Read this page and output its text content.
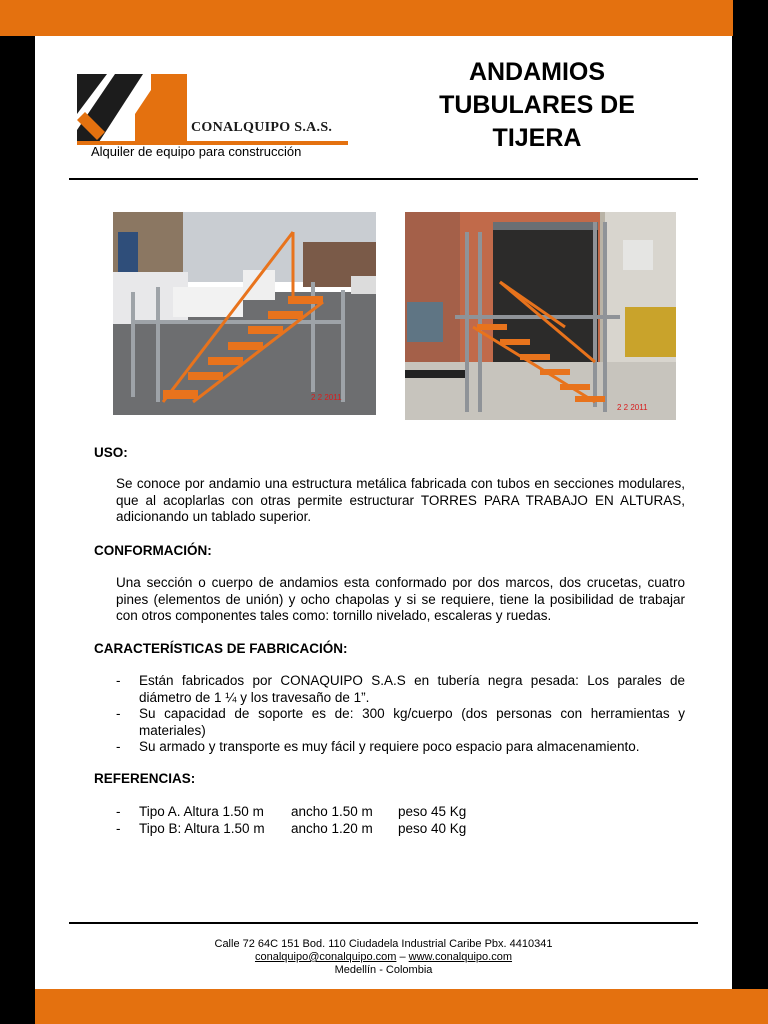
CONALQUIPO S.A.S.
Alquiler de equipo para construcción
ANDAMIOS TUBULARES DE TIJERA
2 2 2011
2 2 2011
USO:
Se conoce por andamio una estructura metálica fabricada con tubos en secciones modulares, que al acoplarlas con otras permite estructurar TORRES PARA TRABAJO EN ALTURAS, adicionando un tablado superior.
CONFORMACIÓN:
Una sección o cuerpo de andamios esta conformado por dos marcos, dos crucetas, cuatro pines (elementos de unión) y ocho chapolas y si se requiere, tiene la posibilidad de trabajar con otros componentes tales como: tornillo nivelado, escaleras y ruedas.
CARACTERÍSTICAS DE FABRICACIÓN:
- Están fabricados por CONAQUIPO S.A.S en tubería negra pesada: Los parales de diámetro de 1 ¼ y los travesaño de 1”.
- Su capacidad de soporte es de: 300 kg/cuerpo (dos personas con herramientas y materiales)
- Su armado y transporte es muy fácil y requiere poco espacio para almacenamiento.
REFERENCIAS:
- Tipo A. Altura 1.50 m ancho 1.50 m peso 45 Kg
- Tipo B: Altura 1.50 m ancho 1.20 m peso 40 Kg
Calle 72 64C 151 Bod. 110 Ciudadela Industrial Caribe Pbx. 4410341
conalquipo@conalquipo.com – www.conalquipo.com
Medellín - Colombia
